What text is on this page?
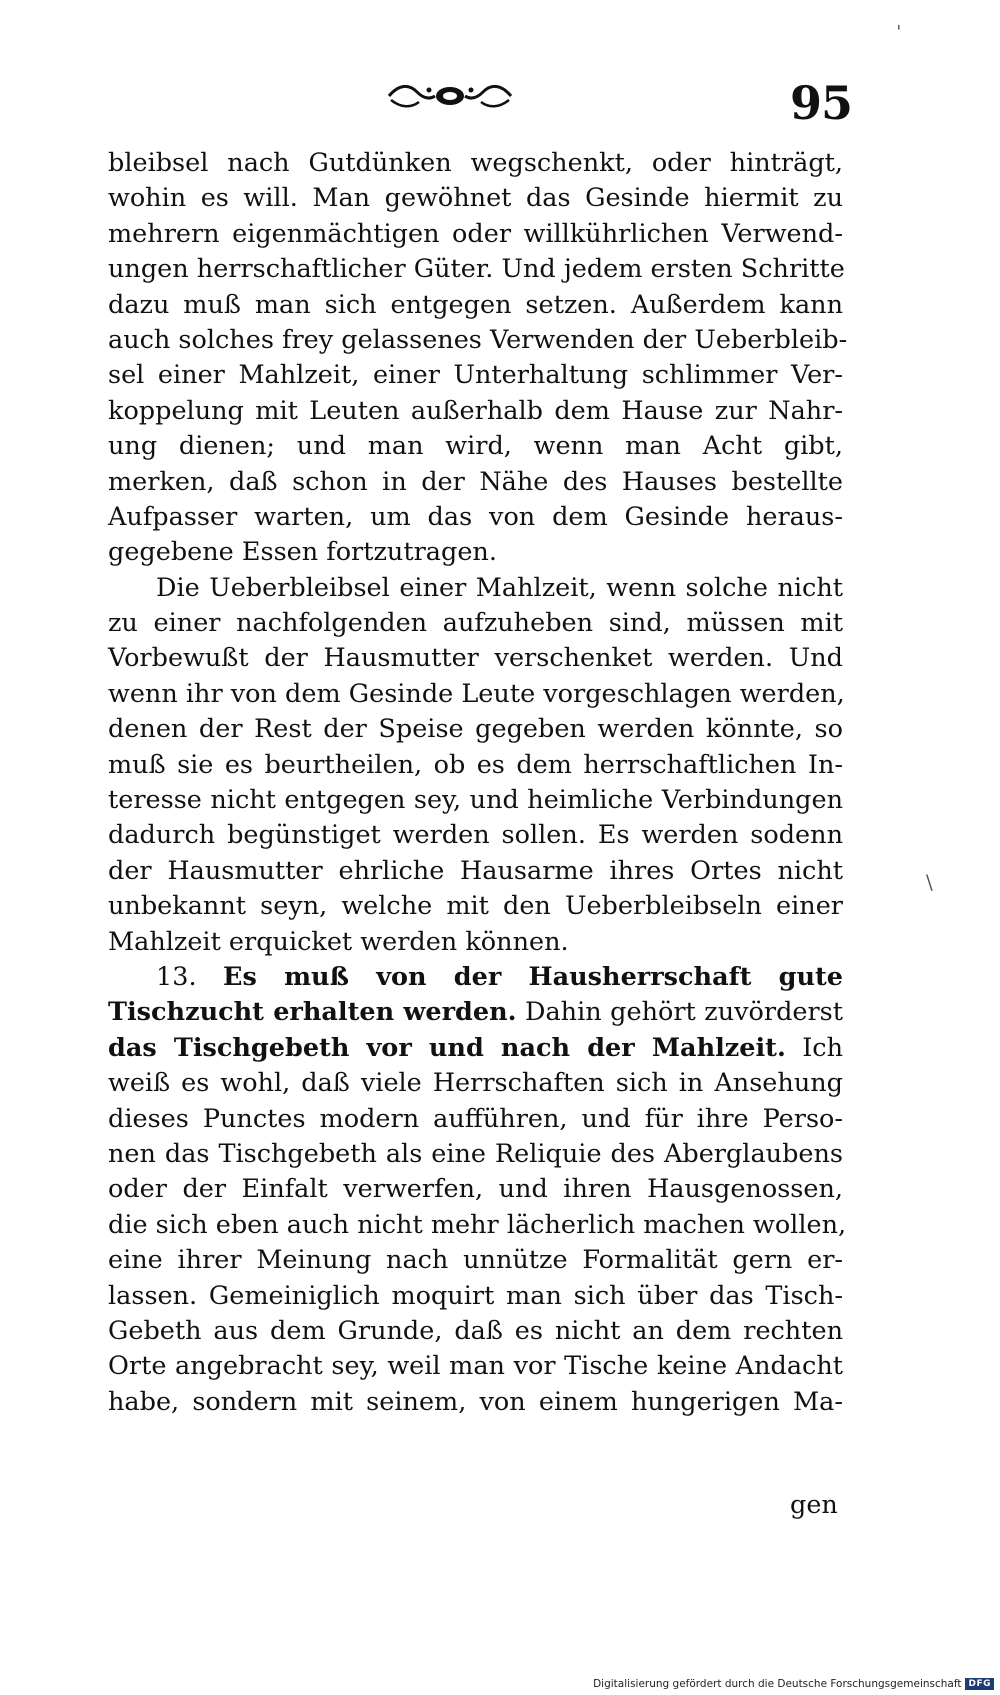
95
bleibsel nach Gutdünken wegschenkt, oder hinträgt,
wohin es will. Man gewöhnet das Gesinde hiermit zu
mehrern eigenmächtigen oder willkührlichen Verwend-
ungen herrschaftlicher Güter. Und jedem ersten Schritte
dazu muß man sich entgegen setzen. Außerdem kann
auch solches frey gelassenes Verwenden der Ueberbleib-
sel einer Mahlzeit, einer Unterhaltung schlimmer Ver-
koppelung mit Leuten außerhalb dem Hause zur Nahr-
ung dienen; und man wird, wenn man Acht gibt,
merken, daß schon in der Nähe des Hauses bestellte
Aufpasser warten, um das von dem Gesinde heraus-
gegebene Essen fortzutragen.
Die Ueberbleibsel einer Mahlzeit, wenn solche nicht
zu einer nachfolgenden aufzuheben sind, müssen mit
Vorbewußt der Hausmutter verschenket werden. Und
wenn ihr von dem Gesinde Leute vorgeschlagen werden,
denen der Rest der Speise gegeben werden könnte, so
muß sie es beurtheilen, ob es dem herrschaftlichen In-
teresse nicht entgegen sey, und heimliche Verbindungen
dadurch begünstiget werden sollen. Es werden sodenn
der Hausmutter ehrliche Hausarme ihres Ortes nicht
unbekannt seyn, welche mit den Ueberbleibseln einer
Mahlzeit erquicket werden können.
13. Es muß von der Hausherrschaft gute
Tischzucht erhalten werden. Dahin gehört zuvörderst
das Tischgebeth vor und nach der Mahlzeit. Ich
weiß es wohl, daß viele Herrschaften sich in Ansehung
dieses Punctes modern aufführen, und für ihre Perso-
nen das Tischgebeth als eine Reliquie des Aberglaubens
oder der Einfalt verwerfen, und ihren Hausgenossen,
die sich eben auch nicht mehr lächerlich machen wollen,
eine ihrer Meinung nach unnütze Formalität gern er-
lassen. Gemeiniglich moquirt man sich über das Tisch-
Gebeth aus dem Grunde, daß es nicht an dem rechten
Orte angebracht sey, weil man vor Tische keine Andacht
habe, sondern mit seinem, von einem hungerigen Ma-
gen
ˌ
\
Digitalisierung gefördert durch die Deutsche Forschungsgemeinschaft DFG
